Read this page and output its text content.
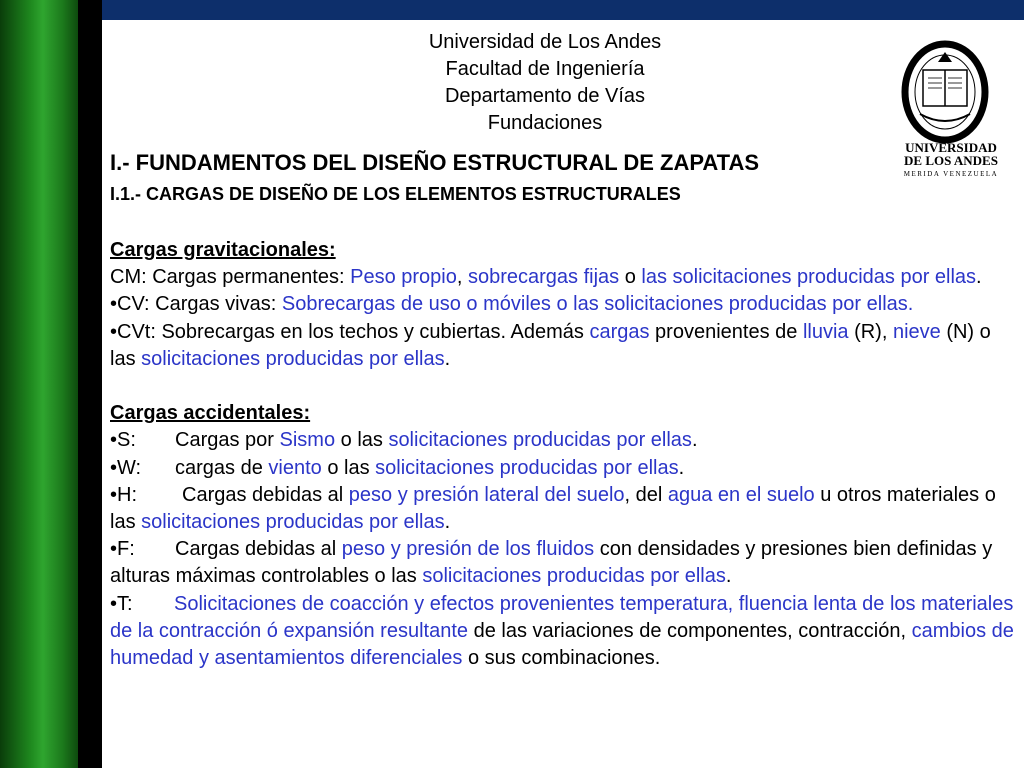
Universidad de Los Andes
Facultad de Ingeniería
Departamento de Vías
Fundaciones
UNIVERSIDAD
DE LOS ANDES
MERIDA VENEZUELA
I.- FUNDAMENTOS DEL DISEÑO ESTRUCTURAL DE ZAPATAS
I.1.- CARGAS DE DISEÑO DE LOS ELEMENTOS ESTRUCTURALES

Cargas gravitacionales:

CM: Cargas permanentes: Peso propio, sobrecargas fijas o las solicitaciones producidas por ellas.

•CV: Cargas vivas: Sobrecargas de uso o móviles o las solicitaciones producidas por ellas.

•CVt: Sobrecargas en los techos y cubiertas. Además cargas provenientes de lluvia (R), nieve (N) o las solicitaciones producidas por ellas.

Cargas accidentales:

•S: Cargas por Sismo o las solicitaciones producidas por ellas.

•W: cargas de viento o las solicitaciones producidas por ellas.

•H: Cargas debidas al peso y presión lateral del suelo, del agua en el suelo u otros materiales o las solicitaciones producidas por ellas.

•F: Cargas debidas al peso y presión de los fluidos con densidades y presiones bien definidas y alturas máximas controlables o las solicitaciones producidas por ellas.

•T: Solicitaciones de coacción y efectos provenientes temperatura, fluencia lenta de los materiales de la contracción ó expansión resultante de las variaciones de componentes, contracción, cambios de humedad y asentamientos diferenciales o sus combinaciones.
